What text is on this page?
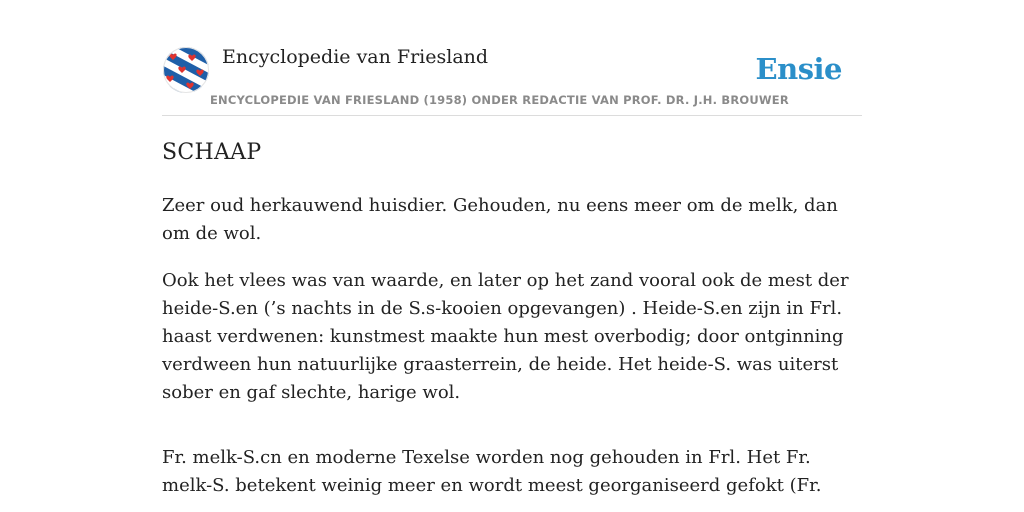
Encyclopedie van Friesland	Ensie
ENCYCLOPEDIE VAN FRIESLAND (1958) ONDER REDACTIE VAN PROF. DR. J.H. BROUWER
SCHAAP

Zeer oud herkauwend huisdier. Gehouden, nu eens meer om de melk, dan om de wol.

Ook het vlees was van waarde, en later op het zand vooral ook de mest der heide-S.en (’s nachts in de S.s-kooien opgevangen) . Heide-S.en zijn in Frl. haast verdwenen: kunstmest maakte hun mest overbodig; door ontginning verdween hun natuurlijke graasterrein, de heide. Het heide-S. was uiterst sober en gaf slechte, harige wol.

Fr. melk-S.cn en moderne Texelse worden nog gehouden in Frl. Het Fr. melk-S. betekent weinig meer en wordt meest georganiseerd gefokt (Fr.
